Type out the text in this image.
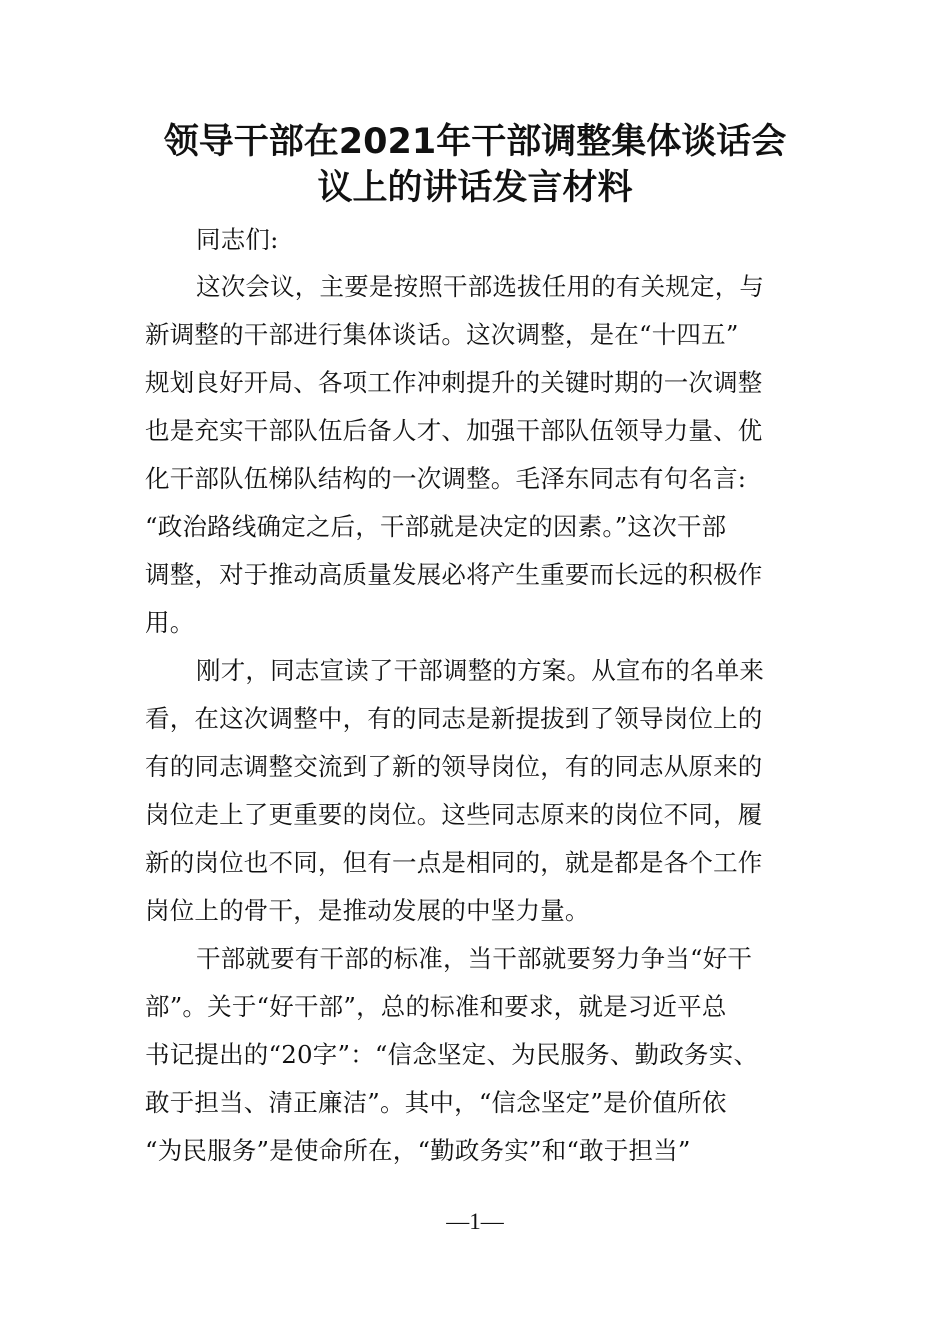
领导干部在2021年干部调整集体谈话会
议上的讲话发言材料
同志们:
这次会议，主要是按照干部选拔任用的有关规定，与
新调整的干部进行集体谈话。这次调整，是在“十四五”
规划良好开局、各项工作冲刺提升的关键时期的一次调整
也是充实干部队伍后备人才、加强干部队伍领导力量、优
化干部队伍梯队结构的一次调整。毛泽东同志有句名言:
“政治路线确定之后，干部就是决定的因素。”这次干部
调整，对于推动高质量发展必将产生重要而长远的积极作
用。
刚才，同志宣读了干部调整的方案。从宣布的名单来
看，在这次调整中，有的同志是新提拔到了领导岗位上的
有的同志调整交流到了新的领导岗位，有的同志从原来的
岗位走上了更重要的岗位。这些同志原来的岗位不同，履
新的岗位也不同，但有一点是相同的，就是都是各个工作
岗位上的骨干，是推动发展的中坚力量。
干部就要有干部的标准，当干部就要努力争当“好干
部”。关于“好干部”，总的标准和要求，就是习近平总
书记提出的“20字”：“信念坚定、为民服务、勤政务实、
敢于担当、清正廉洁”。其中，“信念坚定”是价值所依
“为民服务”是使命所在，“勤政务实”和“敢于担当”
—1—
